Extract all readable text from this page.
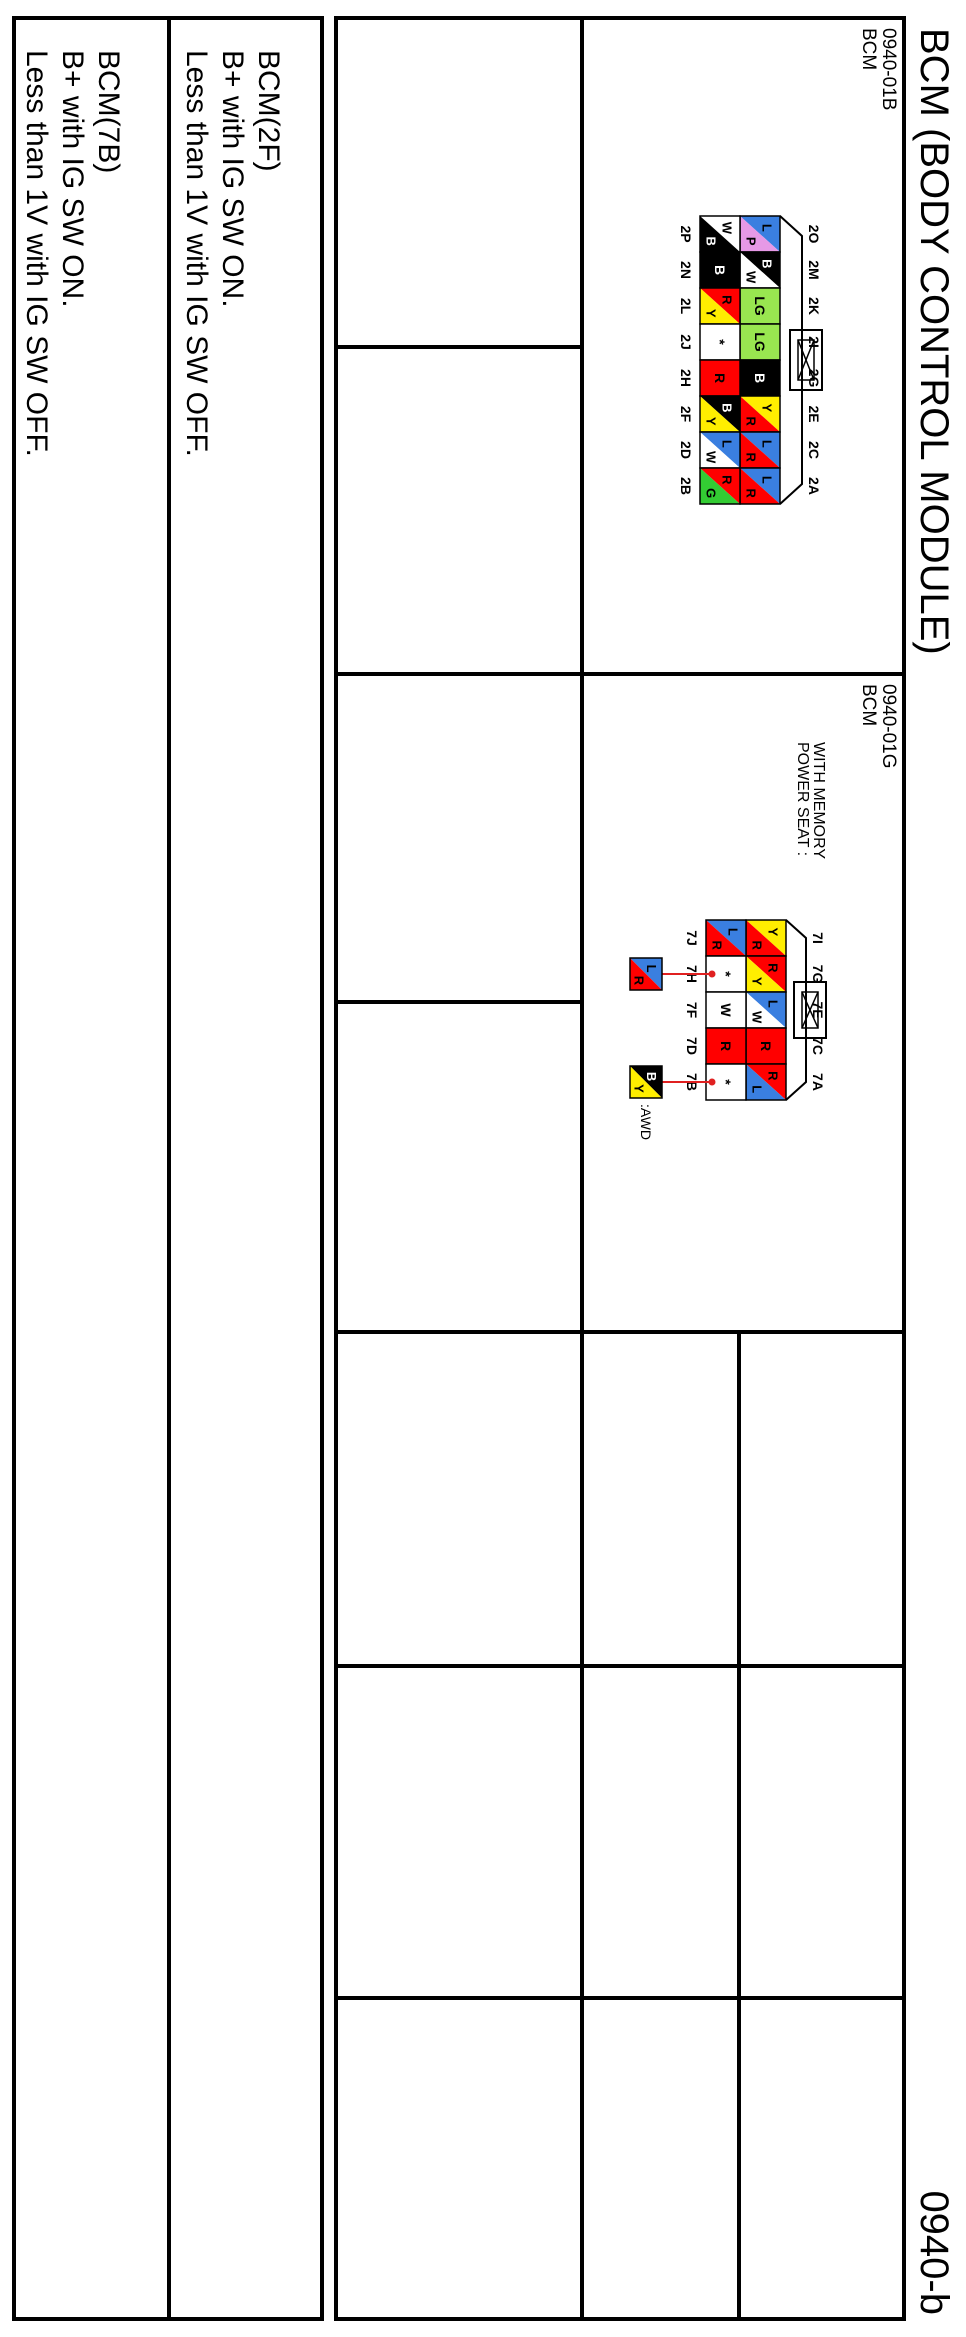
BCM (BODY CONTROL MODULE)
0940-b
0940-01B
BCM
2O
2M
2K
2I
2G
2E
2C
2A
L
P
B
W
LG
LG
B
Y
R
L
R
L
R
W
B
B
R
Y
*
R
B
Y
L
W
R
G
2P
2N
2L
2J
2H
2F
2D
2B
0940-01G
BCM
WITH MEMORY
POWER SEAT :
7I
7G
7E
7C
7A
Y
R
R
Y
L
W
R
R
L
L
R
*
W
R
*
7J
7H
7F
7D
7B
L
R
B
Y
:AWD
BCM(2F)
B+ with IG SW ON.
Less than 1V with IG SW OFF.
BCM(7B)
B+ with IG SW ON.
Less than 1V with IG SW OFF.
